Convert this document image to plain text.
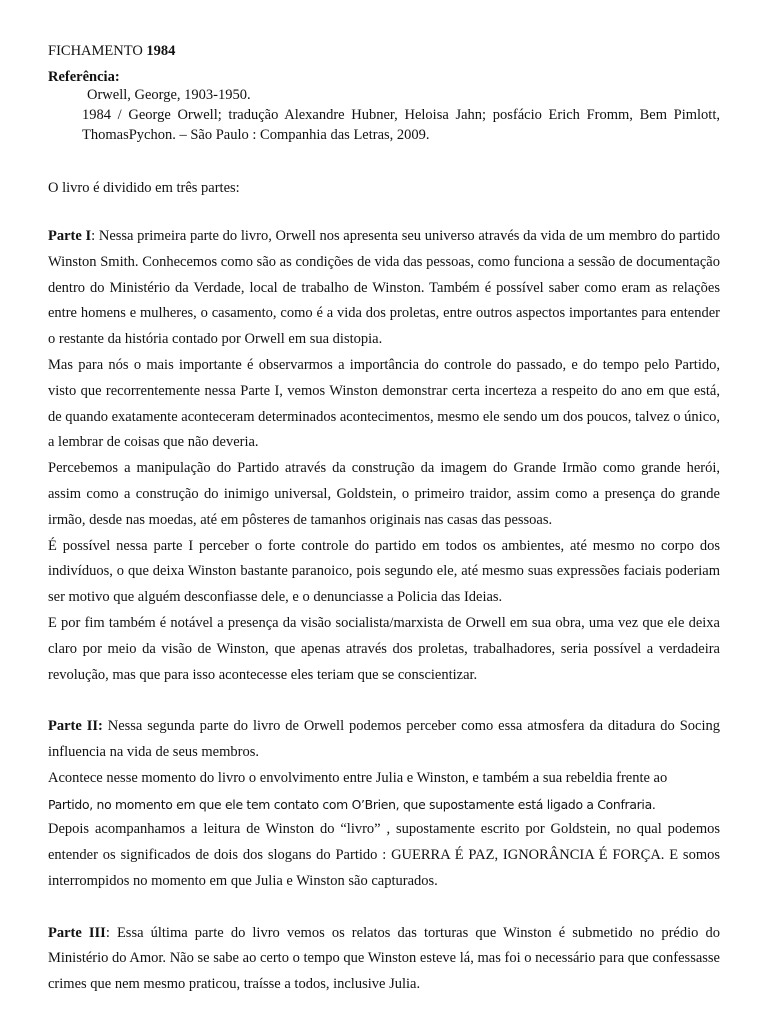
FICHAMENTO 1984

Referência:

Orwell, George, 1903-1950.

1984 / George Orwell; tradução Alexandre Hubner, Heloisa Jahn; posfácio Erich Fromm, Bem Pimlott, ThomasPychon. – São Paulo : Companhia das Letras, 2009.

O livro é dividido em três partes:

Parte I: Nessa primeira parte do livro, Orwell nos apresenta seu universo através da vida de um membro do partido Winston Smith. Conhecemos como são as condições de vida das pessoas, como funciona a sessão de documentação dentro do Ministério da Verdade, local de trabalho de Winston. Também é possível saber como eram as relações entre homens e mulheres, o casamento, como é a vida dos proletas, entre outros aspectos importantes para entender o restante da história contado por Orwell em sua distopia.

Mas para nós o mais importante é observarmos a importância do controle do passado, e do tempo pelo Partido, visto que recorrentemente nessa Parte I, vemos Winston demonstrar certa incerteza a respeito do ano em que está, de quando exatamente aconteceram determinados acontecimentos, mesmo ele sendo um dos poucos, talvez o único, a lembrar de coisas que não deveria.

Percebemos a manipulação do Partido através da construção da imagem do Grande Irmão como grande herói, assim como a construção do inimigo universal, Goldstein, o primeiro traidor, assim como a presença do grande irmão, desde nas moedas, até em pôsteres de tamanhos originais nas casas das pessoas.

É possível nessa parte I perceber o forte controle do partido em todos os ambientes, até mesmo no corpo dos indivíduos, o que deixa Winston bastante paranoico, pois segundo ele, até mesmo suas expressões faciais poderiam ser motivo que alguém desconfiasse dele, e o denunciasse a Policia das Ideias.

E por fim também é notável a presença da visão socialista/marxista de Orwell em sua obra, uma vez que ele deixa claro por meio da visão de Winston, que apenas através dos proletas, trabalhadores, seria possível a verdadeira revolução, mas que para isso acontecesse eles teriam que se conscientizar.

Parte II: Nessa segunda parte do livro de Orwell podemos perceber como essa atmosfera da ditadura do Socing influencia na vida de seus membros.

Acontece nesse momento do livro o envolvimento entre Julia e Winston, e também a sua rebeldia frente ao

Partido, no momento em que ele tem contato com O’Brien, que supostamente está ligado a Confraria.

Depois acompanhamos a leitura de Winston do “livro” , supostamente escrito por Goldstein, no qual podemos entender os significados de dois dos slogans do Partido : GUERRA É PAZ, IGNORÂNCIA É FORÇA. E somos interrompidos no momento em que Julia e Winston são capturados.

Parte III: Essa última parte do livro vemos os relatos das torturas que Winston é submetido no prédio do Ministério do Amor. Não se sabe ao certo o tempo que Winston esteve lá, mas foi o necessário para que confessasse crimes que nem mesmo praticou, traísse a todos, inclusive Julia.
